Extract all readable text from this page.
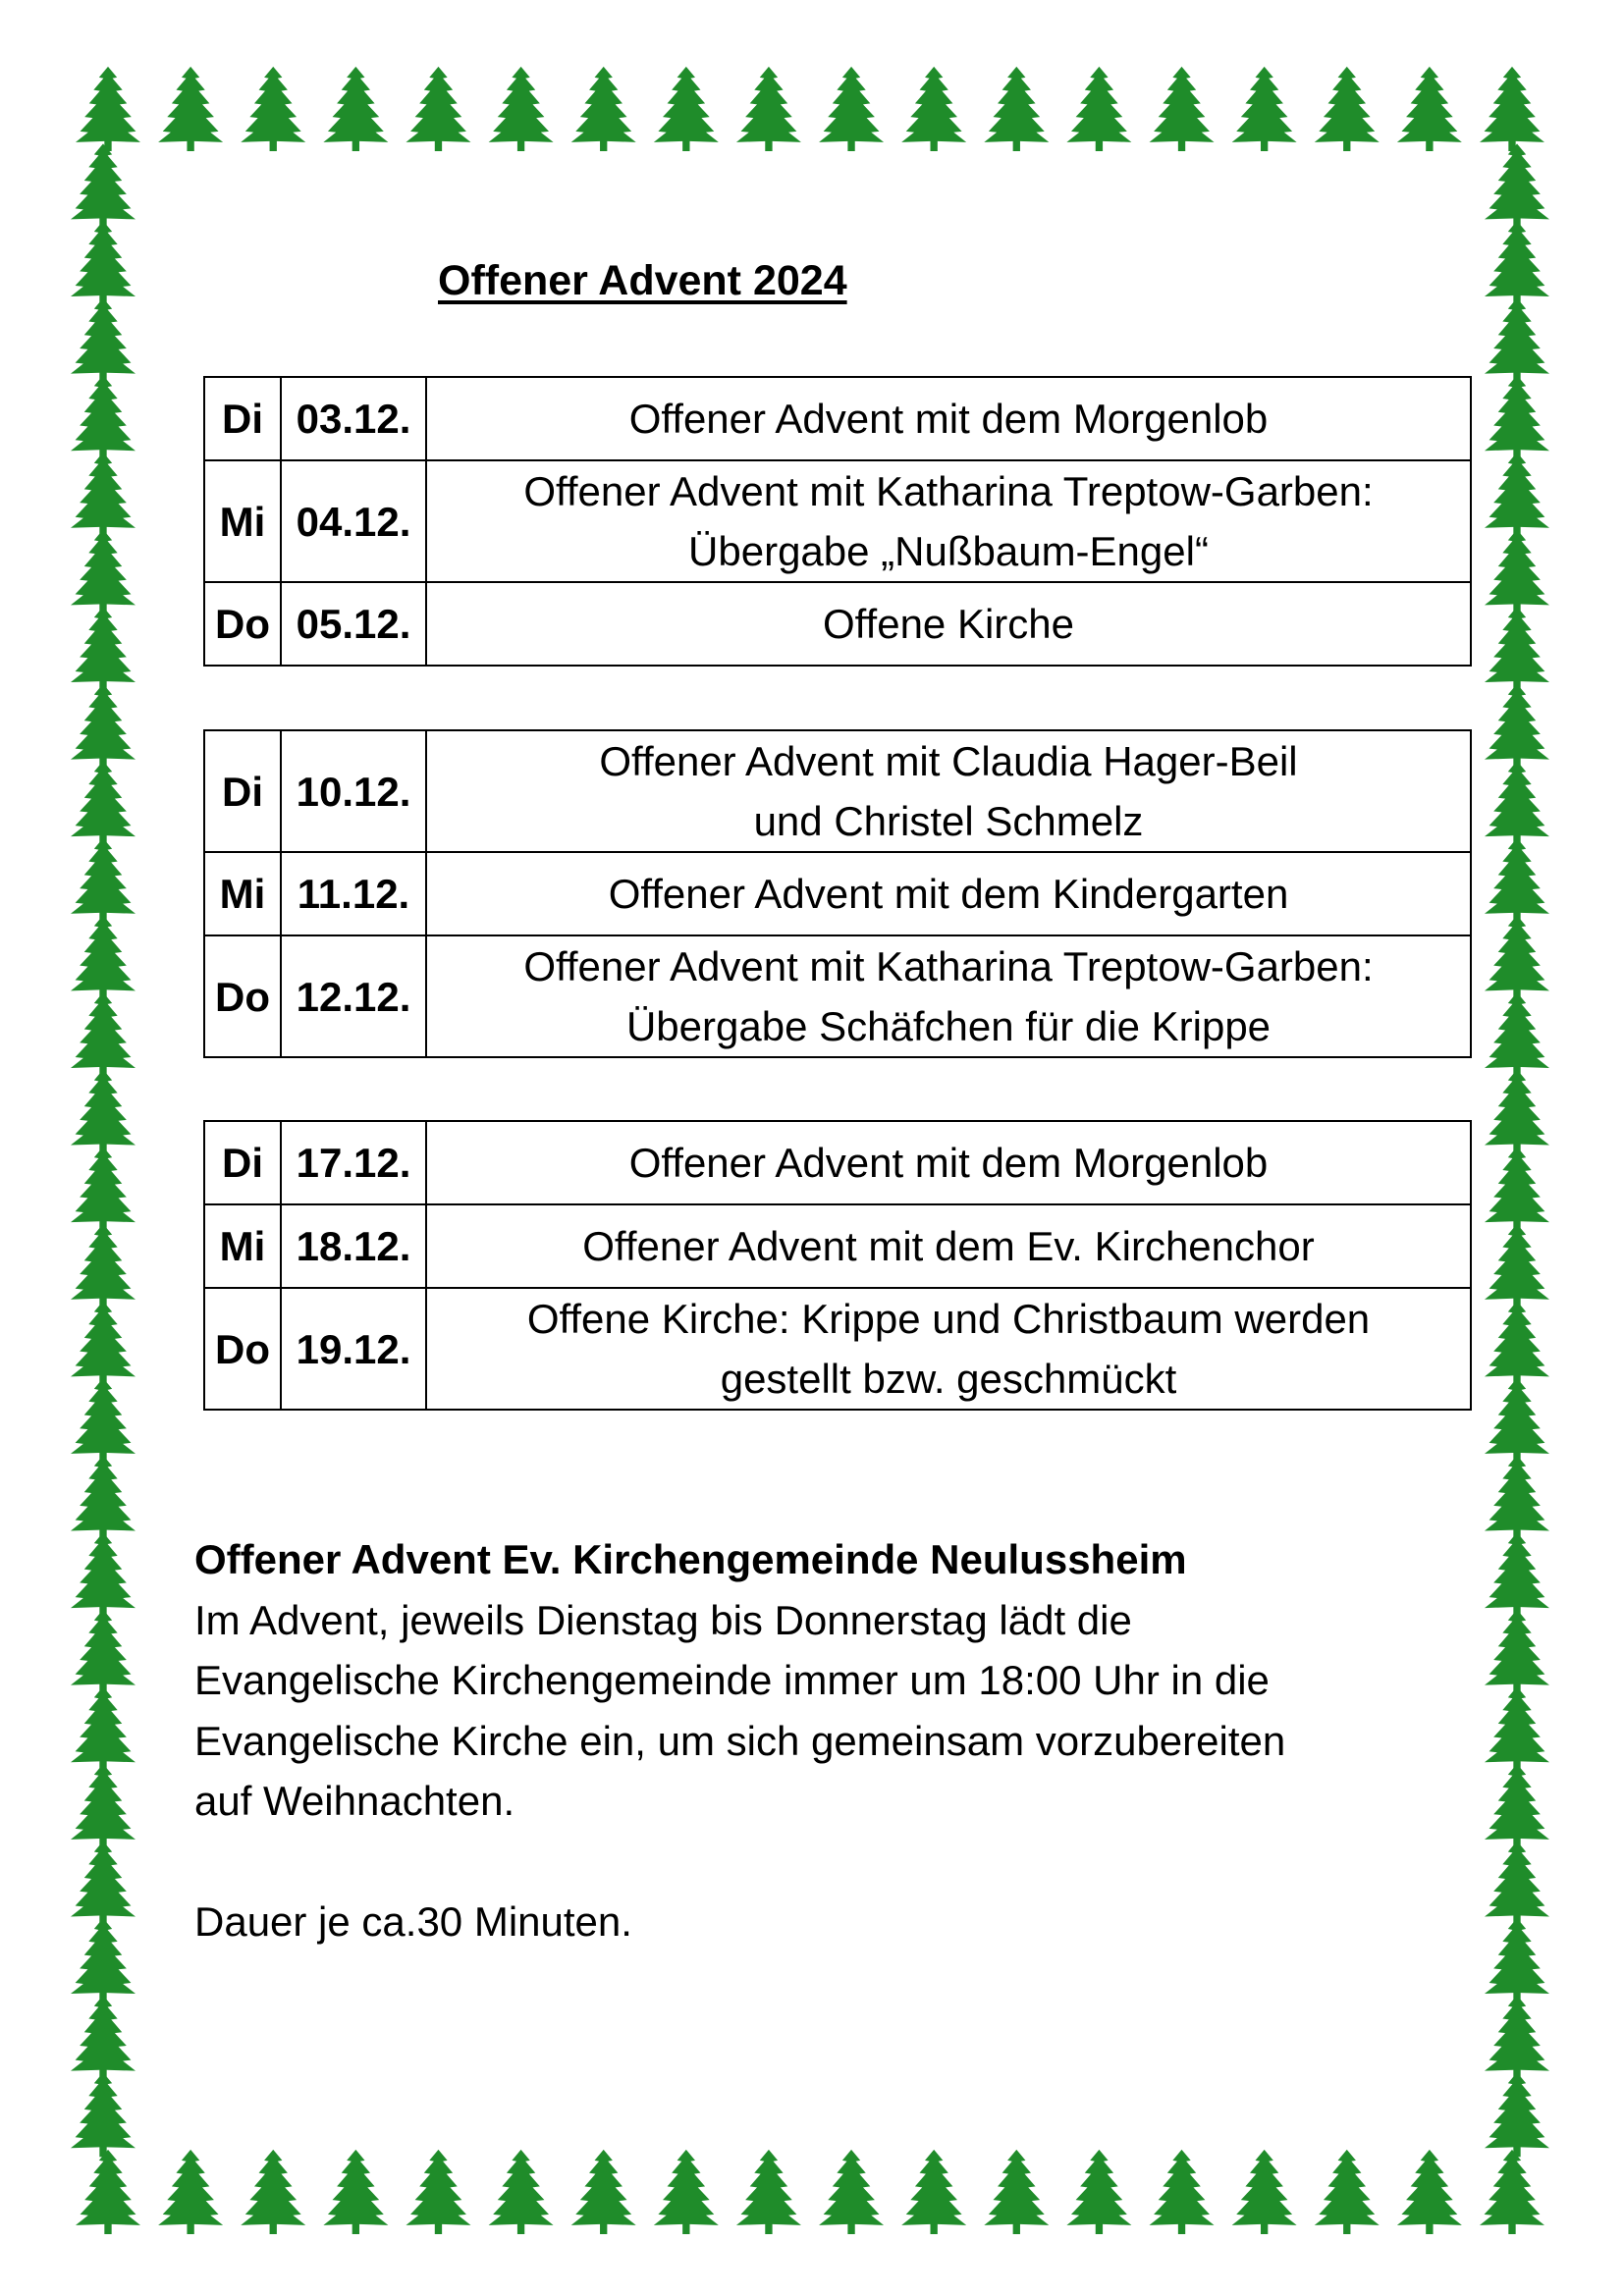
Offener Advent 2024
Di	03.12.	Offener Advent mit dem Morgenlob
Mi	04.12.	Offener Advent mit Katharina Treptow-Garben:
Übergabe „Nußbaum-Engel“
Do	05.12.	Offene Kirche
Di	10.12.	Offener Advent mit Claudia Hager-Beil
und Christel Schmelz
Mi	11.12.	Offener Advent mit dem Kindergarten
Do	12.12.	Offener Advent mit Katharina Treptow-Garben:
Übergabe Schäfchen für die Krippe
Di	17.12.	Offener Advent mit dem Morgenlob
Mi	18.12.	Offener Advent mit dem Ev. Kirchenchor
Do	19.12.	Offene Kirche: Krippe und Christbaum werden
gestellt bzw. geschmückt
Offener Advent Ev. Kirchengemeinde Neulussheim

Im Advent, jeweils Dienstag bis Donnerstag lädt die

Evangelische Kirchengemeinde immer um 18:00 Uhr in die

Evangelische Kirche ein, um sich gemeinsam vorzubereiten

auf Weihnachten.

Dauer je ca.30 Minuten.
